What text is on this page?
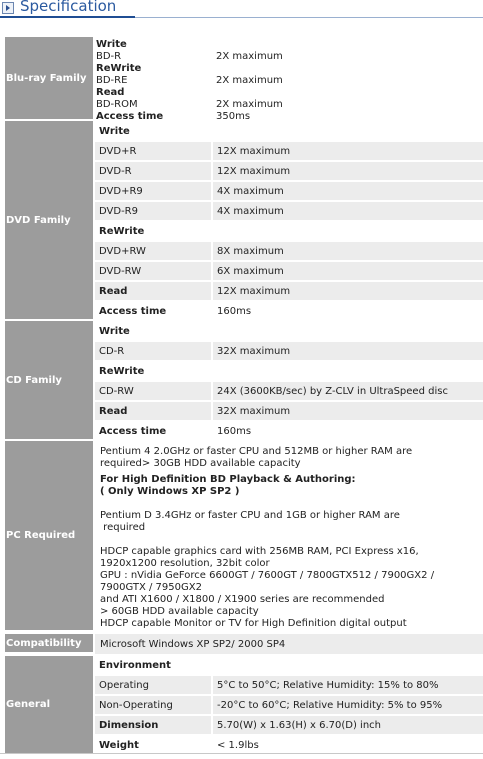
Specification
Blu-ray Family
Write
BD-R	2X maximum
ReWrite
BD-RE	2X maximum
Read
BD-ROM	2X maximum
Access time	350ms
DVD Family
Write
DVD+R	12X maximum
DVD-R	12X maximum
DVD+R9	4X maximum
DVD-R9	4X maximum
ReWrite
DVD+RW	8X maximum
DVD-RW	6X maximum
Read	12X maximum
Access time	160ms
CD Family
Write
CD-R	32X maximum
ReWrite
CD-RW	24X (3600KB/sec) by Z-CLV in UltraSpeed disc
Read	32X maximum
Access time	160ms
PC Required
Pentium 4 2.0GHz or faster CPU and 512MB or higher RAM are
required> 30GB HDD available capacity
For High Definition BD Playback & Authoring:
( Only Windows XP SP2 )
Pentium D 3.4GHz or faster CPU and 1GB or higher RAM are
required
HDCP capable graphics card with 256MB RAM, PCI Express x16,
1920x1200 resolution, 32bit color
GPU : nVidia GeForce 6600GT / 7600GT / 7800GTX512 / 7900GX2 /
7900GTX / 7950GX2
and ATI X1600 / X1800 / X1900 series are recommended
> 60GB HDD available capacity
HDCP capable Monitor or TV for High Definition digital output
Compatibility	Microsoft Windows XP SP2/ 2000 SP4
General
Environment
Operating	5°C to 50°C; Relative Humidity: 15% to 80%
Non-Operating	-20°C to 60°C; Relative Humidity: 5% to 95%
Dimension	5.70(W) x 1.63(H) x 6.70(D) inch
Weight	< 1.9lbs
